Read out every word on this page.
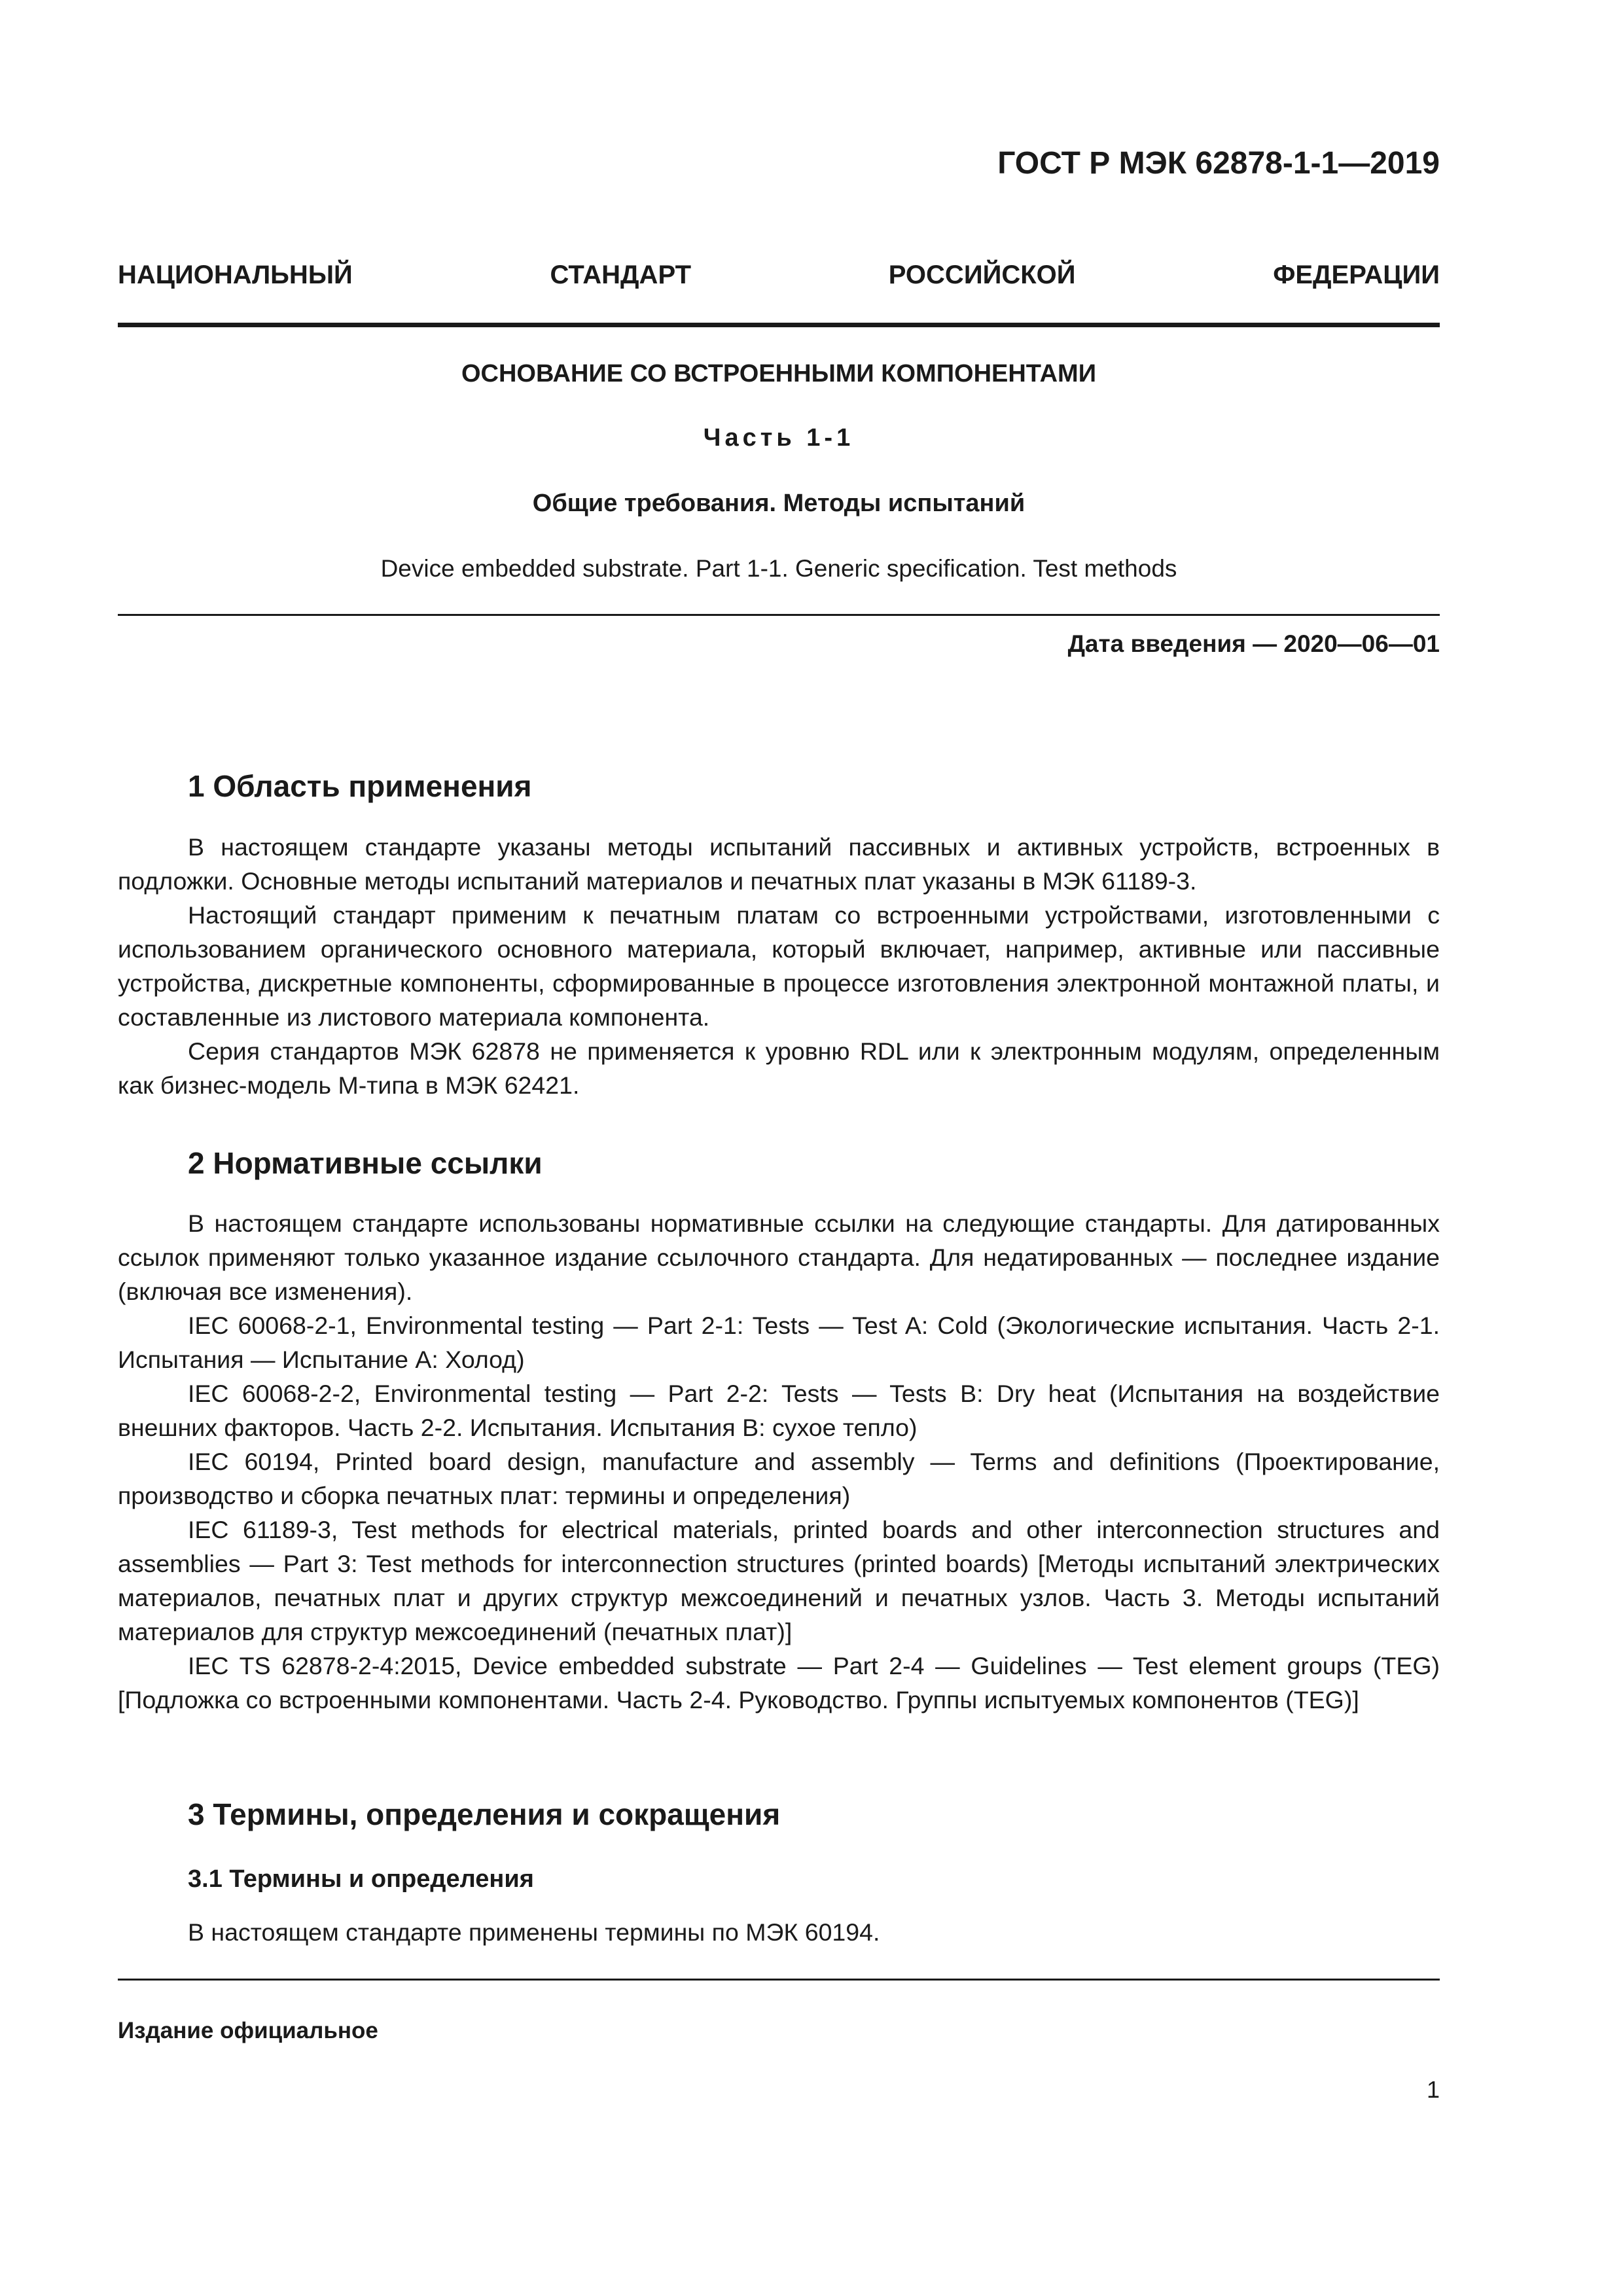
ГОСТ Р МЭК 62878-1-1—2019
НАЦИОНАЛЬНЫЙ СТАНДАРТ РОССИЙСКОЙ ФЕДЕРАЦИИ
ОСНОВАНИЕ СО ВСТРОЕННЫМИ КОМПОНЕНТАМИ
Часть 1-1
Общие требования. Методы испытаний
Device embedded substrate. Part 1-1. Generic specification. Test methods
Дата введения — 2020—06—01
1 Область применения

В настоящем стандарте указаны методы испытаний пассивных и активных устройств, встроенных в подложки. Основные методы испытаний материалов и печатных плат указаны в МЭК 61189-3.

Настоящий стандарт применим к печатным платам со встроенными устройствами, изготовленными с использованием органического основного материала, который включает, например, активные или пассивные устройства, дискретные компоненты, сформированные в процессе изготовления электронной монтажной платы, и составленные из листового материала компонента.

Серия стандартов МЭК 62878 не применяется к уровню RDL или к электронным модулям, определенным как бизнес-модель М-типа в МЭК 62421.

2 Нормативные ссылки

В настоящем стандарте использованы нормативные ссылки на следующие стандарты. Для датированных ссылок применяют только указанное издание ссылочного стандарта. Для недатированных — последнее издание (включая все изменения).

IEC 60068-2-1, Environmental testing — Part 2-1: Tests — Test A: Cold (Экологические испытания. Часть 2-1. Испытания — Испытание А: Холод)

IEC 60068-2-2, Environmental testing — Part 2-2: Tests — Tests В: Dry heat (Испытания на воздействие внешних факторов. Часть 2-2. Испытания. Испытания В: сухое тепло)

IEC 60194, Printed board design, manufacture and assembly — Terms and definitions (Проектирование, производство и сборка печатных плат: термины и определения)

IEC 61189-3, Test methods for electrical materials, printed boards and other interconnection structures and assemblies — Part 3: Test methods for interconnection structures (printed boards) [Методы испытаний электрических материалов, печатных плат и других структур межсоединений и печатных узлов. Часть 3. Методы испытаний материалов для структур межсоединений (печатных плат)]

IEC TS 62878-2-4:2015, Device embedded substrate — Part 2-4 — Guidelines — Test element groups (TEG) [Подложка со встроенными компонентами. Часть 2-4. Руководство. Группы испытуемых компонентов (TEG)]

3 Термины, определения и сокращения
3.1 Термины и определения

В настоящем стандарте применены термины по МЭК 60194.

Издание официальное
1
